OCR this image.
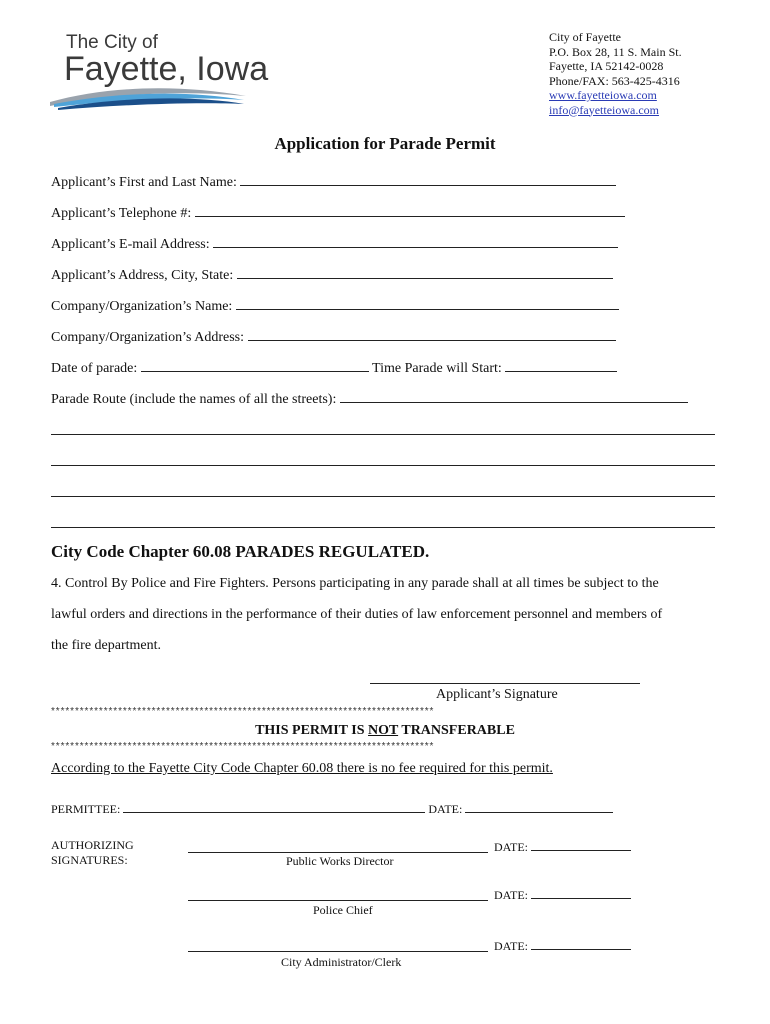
The City of
Fayette, Iowa
City of Fayette
P.O. Box 28, 11 S. Main St.
Fayette, IA 52142-0028
Phone/FAX: 563-425-4316
www.fayetteiowa.com
info@fayetteiowa.com
Application for Parade Permit
Applicant’s First and Last Name:
Applicant’s Telephone #:
Applicant’s E-mail Address:
Applicant’s Address, City, State:
Company/Organization’s Name:
Company/Organization’s Address:
Date of parade:	Time Parade will Start:
Parade Route (include the names of all the streets):
City Code Chapter 60.08 PARADES REGULATED.
4. Control By Police and Fire Fighters. Persons participating in any parade shall at all times be subject to the
lawful orders and directions in the performance of their duties of law enforcement personnel and members of
the fire department.
Applicant’s Signature
********************************************************************************
THIS PERMIT IS NOT TRANSFERABLE
********************************************************************************
According to the Fayette City Code Chapter 60.08 there is no fee required for this permit.
PERMITTEE:	DATE:
AUTHORIZING
SIGNATURES:
DATE:
Public Works Director
DATE:
Police Chief
DATE:
City Administrator/Clerk
